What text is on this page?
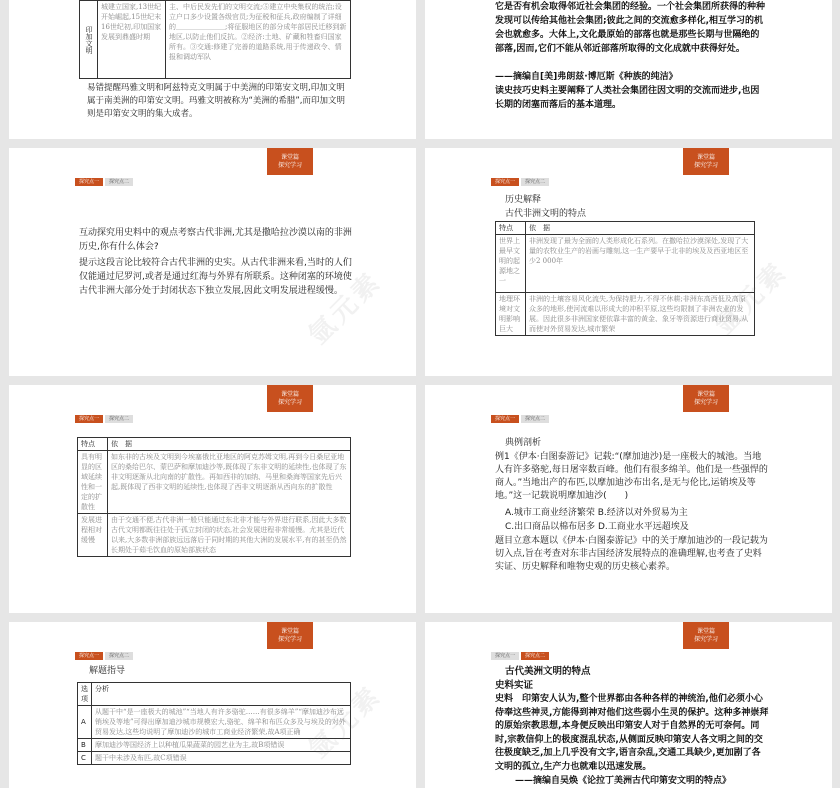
印加文明	城建立国家,13世纪开始崛起,15世纪末16世纪初,印加国家发展到鼎盛时期	主、中后民发先们的文明交流;⑤建立中央集权的统治;设立户口多少设置各级官员;为征税和征兵,政府编制了详细的＿＿＿＿＿＿＿;将征服地区的部分成年部居民迁移到新地区,以防止他们反抗。②经济:土地、矿藏和牲畜归国家所有。③交通:修建了完善的道路系统,用于传递政令、情报和调动军队
易错提醒玛雅文明和阿兹特克文明属于中美洲的印第安文明,印加文明属于南美洲的印第安文明。玛雅文明被称为“美洲的希腊”,而印加文明则是印第安文明的集大成者。
它是否有机会取得邻近社会集团的经验。一个社会集团所获得的种种发现可以传给其他社会集团;彼此之间的交流愈多样化,相互学习的机会也就愈多。大体上,文化最原始的部落也就是那些长期与世隔绝的部落,因而,它们不能从邻近部落所取得的文化成就中获得好处。
——摘编自[美]弗朗兹·博厄斯《种族的纯洁》
读史技巧史料主要阐释了人类社会集团往因文明的交流而进步,也因长期的闭塞而落后的基本道理。
课堂篇
探究学习
探究点一	探究点二
互动探究用史料中的观点考察古代非洲,尤其是撒哈拉沙漠以南的非洲历史,你有什么体会?
提示这段言论比较符合古代非洲的史实。从古代非洲来看,当时的人们仅能通过尼罗河,或者是通过红海与外界有所联系。这种闭塞的环境使古代非洲大部分处于封闭状态下独立发展,因此文明发展进程缓慢。
氩元素
课堂篇
探究学习
探究点一	探究点二
历史解释
古代非洲文明的特点
特点	依　据
世界上最早文明的起源地之一	非洲发现了最为全面的人类形成化石系列。在撒哈拉沙漠深处,发现了大量的农牧业生产的岩画与雕刻,这一生产要早于北非的埃及及西亚地区至少2 000年
地理环境对文明影响巨大	非洲的土壤容易风化流失,为保持肥力,不得不休耕;非洲东高西低及高原众多的地形,使河流难以形成大的冲积平原,这些均限制了非洲农业的发展。因此很多非洲国家便依靠丰富的黄金、象牙等资源进行商业贸易,从而使对外贸易发达,城市繁荣	氩元素
课堂篇
探究学习
探究点一	探究点二
特点	依　据
具有明显的区域延续性和一定的扩散性	如东非的古埃及文明到今埃塞俄比亚地区的阿克苏姆文明,再到今日桑尼亚地区的桑给巴尔、蒙巴萨和摩加迪沙等,既体现了东非文明的延续性,也体现了东非文明逐渐从北向南的扩散性。再如西非的加纳、马里和桑海等国家先后兴起,既体现了西非文明的延续性,也体现了西非文明逐渐从西向东的扩散性
发展进程相对缓慢	由于交通不便,古代非洲一般只能通过东北非才能与外界进行联系,因此大多数古代文明都既往往处于孤立封闭的状态,社会发展进程非常缓慢。尤其是近代以来,大多数非洲部族远远落后于同时期的其他大洲的发展水平,有的甚至仍然长期处于茹毛饮血的原始部族状态
课堂篇
探究学习
探究点一	探究点二
典例剖析
例1《伊本·白图泰游记》记载:“(摩加迪沙)是一座极大的城池。当地人有许多骆驼,每日屠宰数百峰。他们有很多绵羊。他们是一些强悍的商人。”当地出产的布匹,以摩加迪沙布出名,是无与伦比,运销埃及等地。”这一记载说明摩加迪沙(　　)
A.城市工商业经济繁荣 B.经济以对外贸易为主
C.出口商品以棉布居多 D.工商业水平远超埃及
题目立意本题以《伊本·白图泰游记》中的关于摩加迪沙的一段记载为切入点,旨在考查对东非古国经济发展特点的准确理解,也考查了史料实证、历史解释和唯物史观的历史核心素养。
课堂篇
探究学习
探究点一	探究点二
解题指导
选项	分析
A	从题干中“是一座极大的城池”“当地人有许多骆驼……有很多绵羊”“摩加迪沙布远销埃及等地”可得出摩加迪沙城市规模宏大,骆驼、绵羊和布匹众多及与埃及的对外贸易发达,这些均说明了摩加迪沙的城市工商业经济繁荣,故A项正确
B	摩加迪沙等国经济上以种植瓜果蔬菜的园艺业为主,故B项错误
C	题干中未涉及布匹,故C项错误	氩元素
课堂篇
探究学习
探究点一	探究点二
古代美洲文明的特点
史料实证
史料　印第安人认为,整个世界都由各种各样的神统治,他们必须小心侍奉这些神灵,方能得到神对他们这些弱小生灵的保护。这种多神崇拜的原始宗教思想,本身便反映出印第安人对于自然界的无可奈何。同时,宗教信仰上的极度混乱状态,从侧面反映印第安人各文明之间的交往极度缺乏,加上几乎没有文字,语言杂乱,交通工具缺少,更加剧了各文明的孤立,生产力也就难以迅速发展。
——摘编自吴焕《论拉丁美洲古代印第安文明的特点》
